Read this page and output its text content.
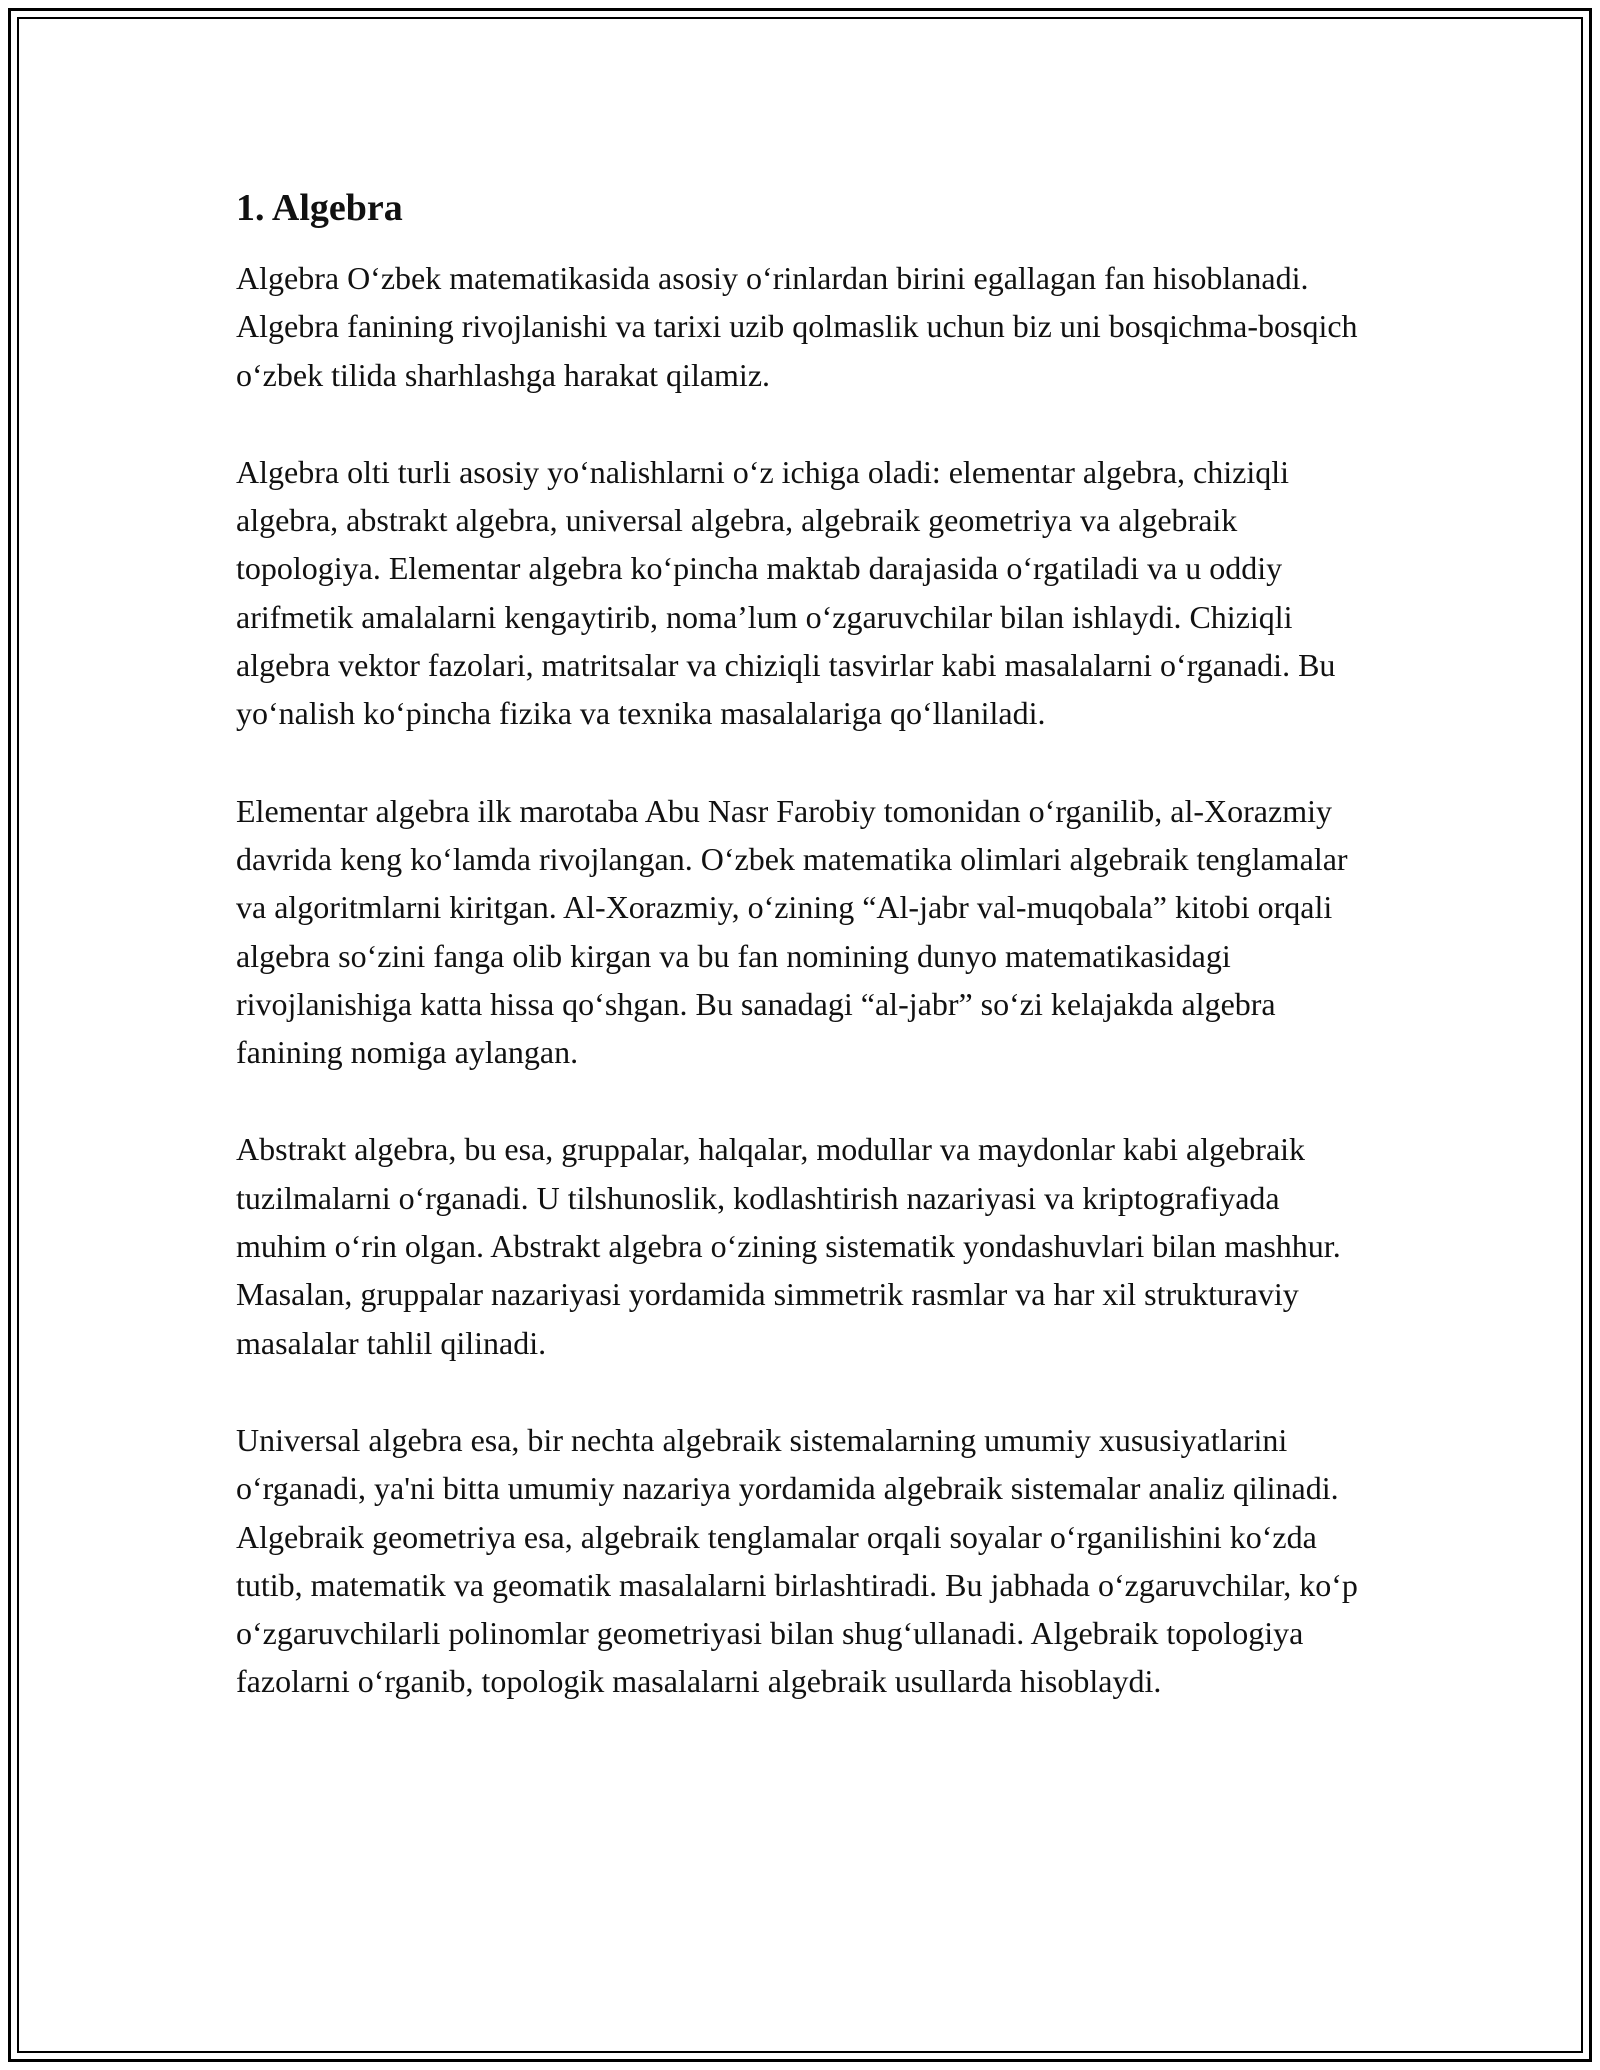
1. Algebra

Algebra O‘zbek matematikasida asosiy o‘rinlardan birini egallagan fan hisoblanadi. Algebra fanining rivojlanishi va tarixi uzib qolmaslik uchun biz uni bosqichma-bosqich o‘zbek tilida sharhlashga harakat qilamiz.

Algebra olti turli asosiy yo‘nalishlarni o‘z ichiga oladi: elementar algebra, chiziqli algebra, abstrakt algebra, universal algebra, algebraik geometriya va algebraik topologiya. Elementar algebra ko‘pincha maktab darajasida o‘rgatiladi va u oddiy arifmetik amalalarni kengaytirib, noma’lum o‘zgaruvchilar bilan ishlaydi. Chiziqli algebra vektor fazolari, matritsalar va chiziqli tasvirlar kabi masalalarni o‘rganadi. Bu yo‘nalish ko‘pincha fizika va texnika masalalariga qo‘llaniladi.

Elementar algebra ilk marotaba Abu Nasr Farobiy tomonidan o‘rganilib, al-Xorazmiy davrida keng ko‘lamda rivojlangan. O‘zbek matematika olimlari algebraik tenglamalar va algoritmlarni kiritgan. Al-Xorazmiy, o‘zining “Al-jabr val-muqobala” kitobi orqali algebra so‘zini fanga olib kirgan va bu fan nomining dunyo matematikasidagi rivojlanishiga katta hissa qo‘shgan. Bu sanadagi “al-jabr” so‘zi kelajakda algebra fanining nomiga aylangan.

Abstrakt algebra, bu esa, gruppalar, halqalar, modullar va maydonlar kabi algebraik tuzilmalarni o‘rganadi. U tilshunoslik, kodlashtirish nazariyasi va kriptografiyada muhim o‘rin olgan. Abstrakt algebra o‘zining sistematik yondashuvlari bilan mashhur. Masalan, gruppalar nazariyasi yordamida simmetrik rasmlar va har xil strukturaviy masalalar tahlil qilinadi.

Universal algebra esa, bir nechta algebraik sistemalarning umumiy xususiyatlarini o‘rganadi, ya'ni bitta umumiy nazariya yordamida algebraik sistemalar analiz qilinadi. Algebraik geometriya esa, algebraik tenglamalar orqali soyalar o‘rganilishini ko‘zda tutib, matematik va geomatik masalalarni birlashtiradi. Bu jabhada o‘zgaruvchilar, ko‘p o‘zgaruvchilarli polinomlar geometriyasi bilan shug‘ullanadi. Algebraik topologiya fazolarni o‘rganib, topologik masalalarni algebraik usullarda hisoblaydi.
